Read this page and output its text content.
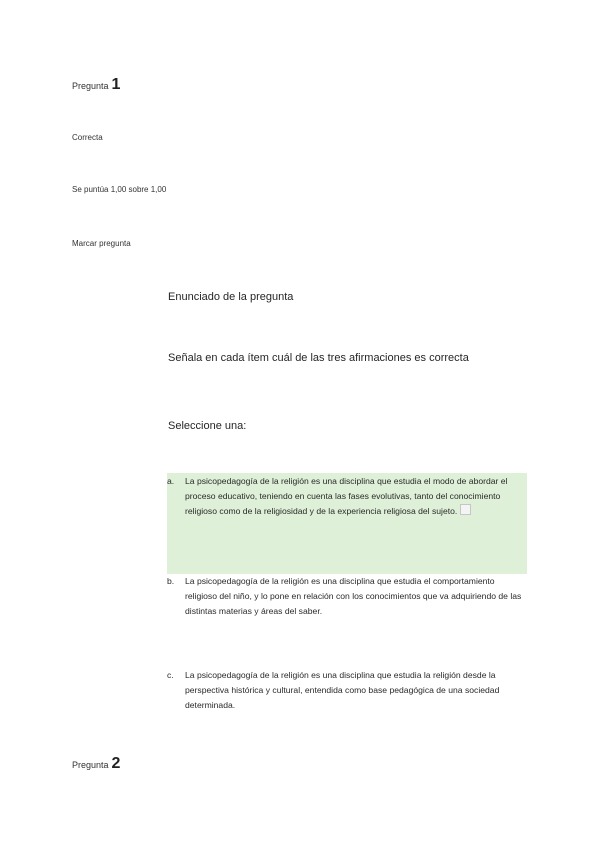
Pregunta 1
Correcta
Se puntúa 1,00 sobre 1,00
Marcar pregunta
Enunciado de la pregunta
Señala en cada ítem cuál de las tres afirmaciones es correcta
Seleccione una:
a.	La psicopedagogía de la religión es una disciplina que estudia el modo de abordar el proceso educativo, teniendo en cuenta las fases evolutivas, tanto del conocimiento religioso como de la religiosidad y de la experiencia religiosa del sujeto.
b.	La psicopedagogía de la religión es una disciplina que estudia el comportamiento religioso del niño, y lo pone en relación con los conocimientos que va adquiriendo de las distintas materias y áreas del saber.
c.	La psicopedagogía de la religión es una disciplina que estudia la religión desde la perspectiva histórica y cultural, entendida como base pedagógica de una sociedad determinada.
Pregunta 2
